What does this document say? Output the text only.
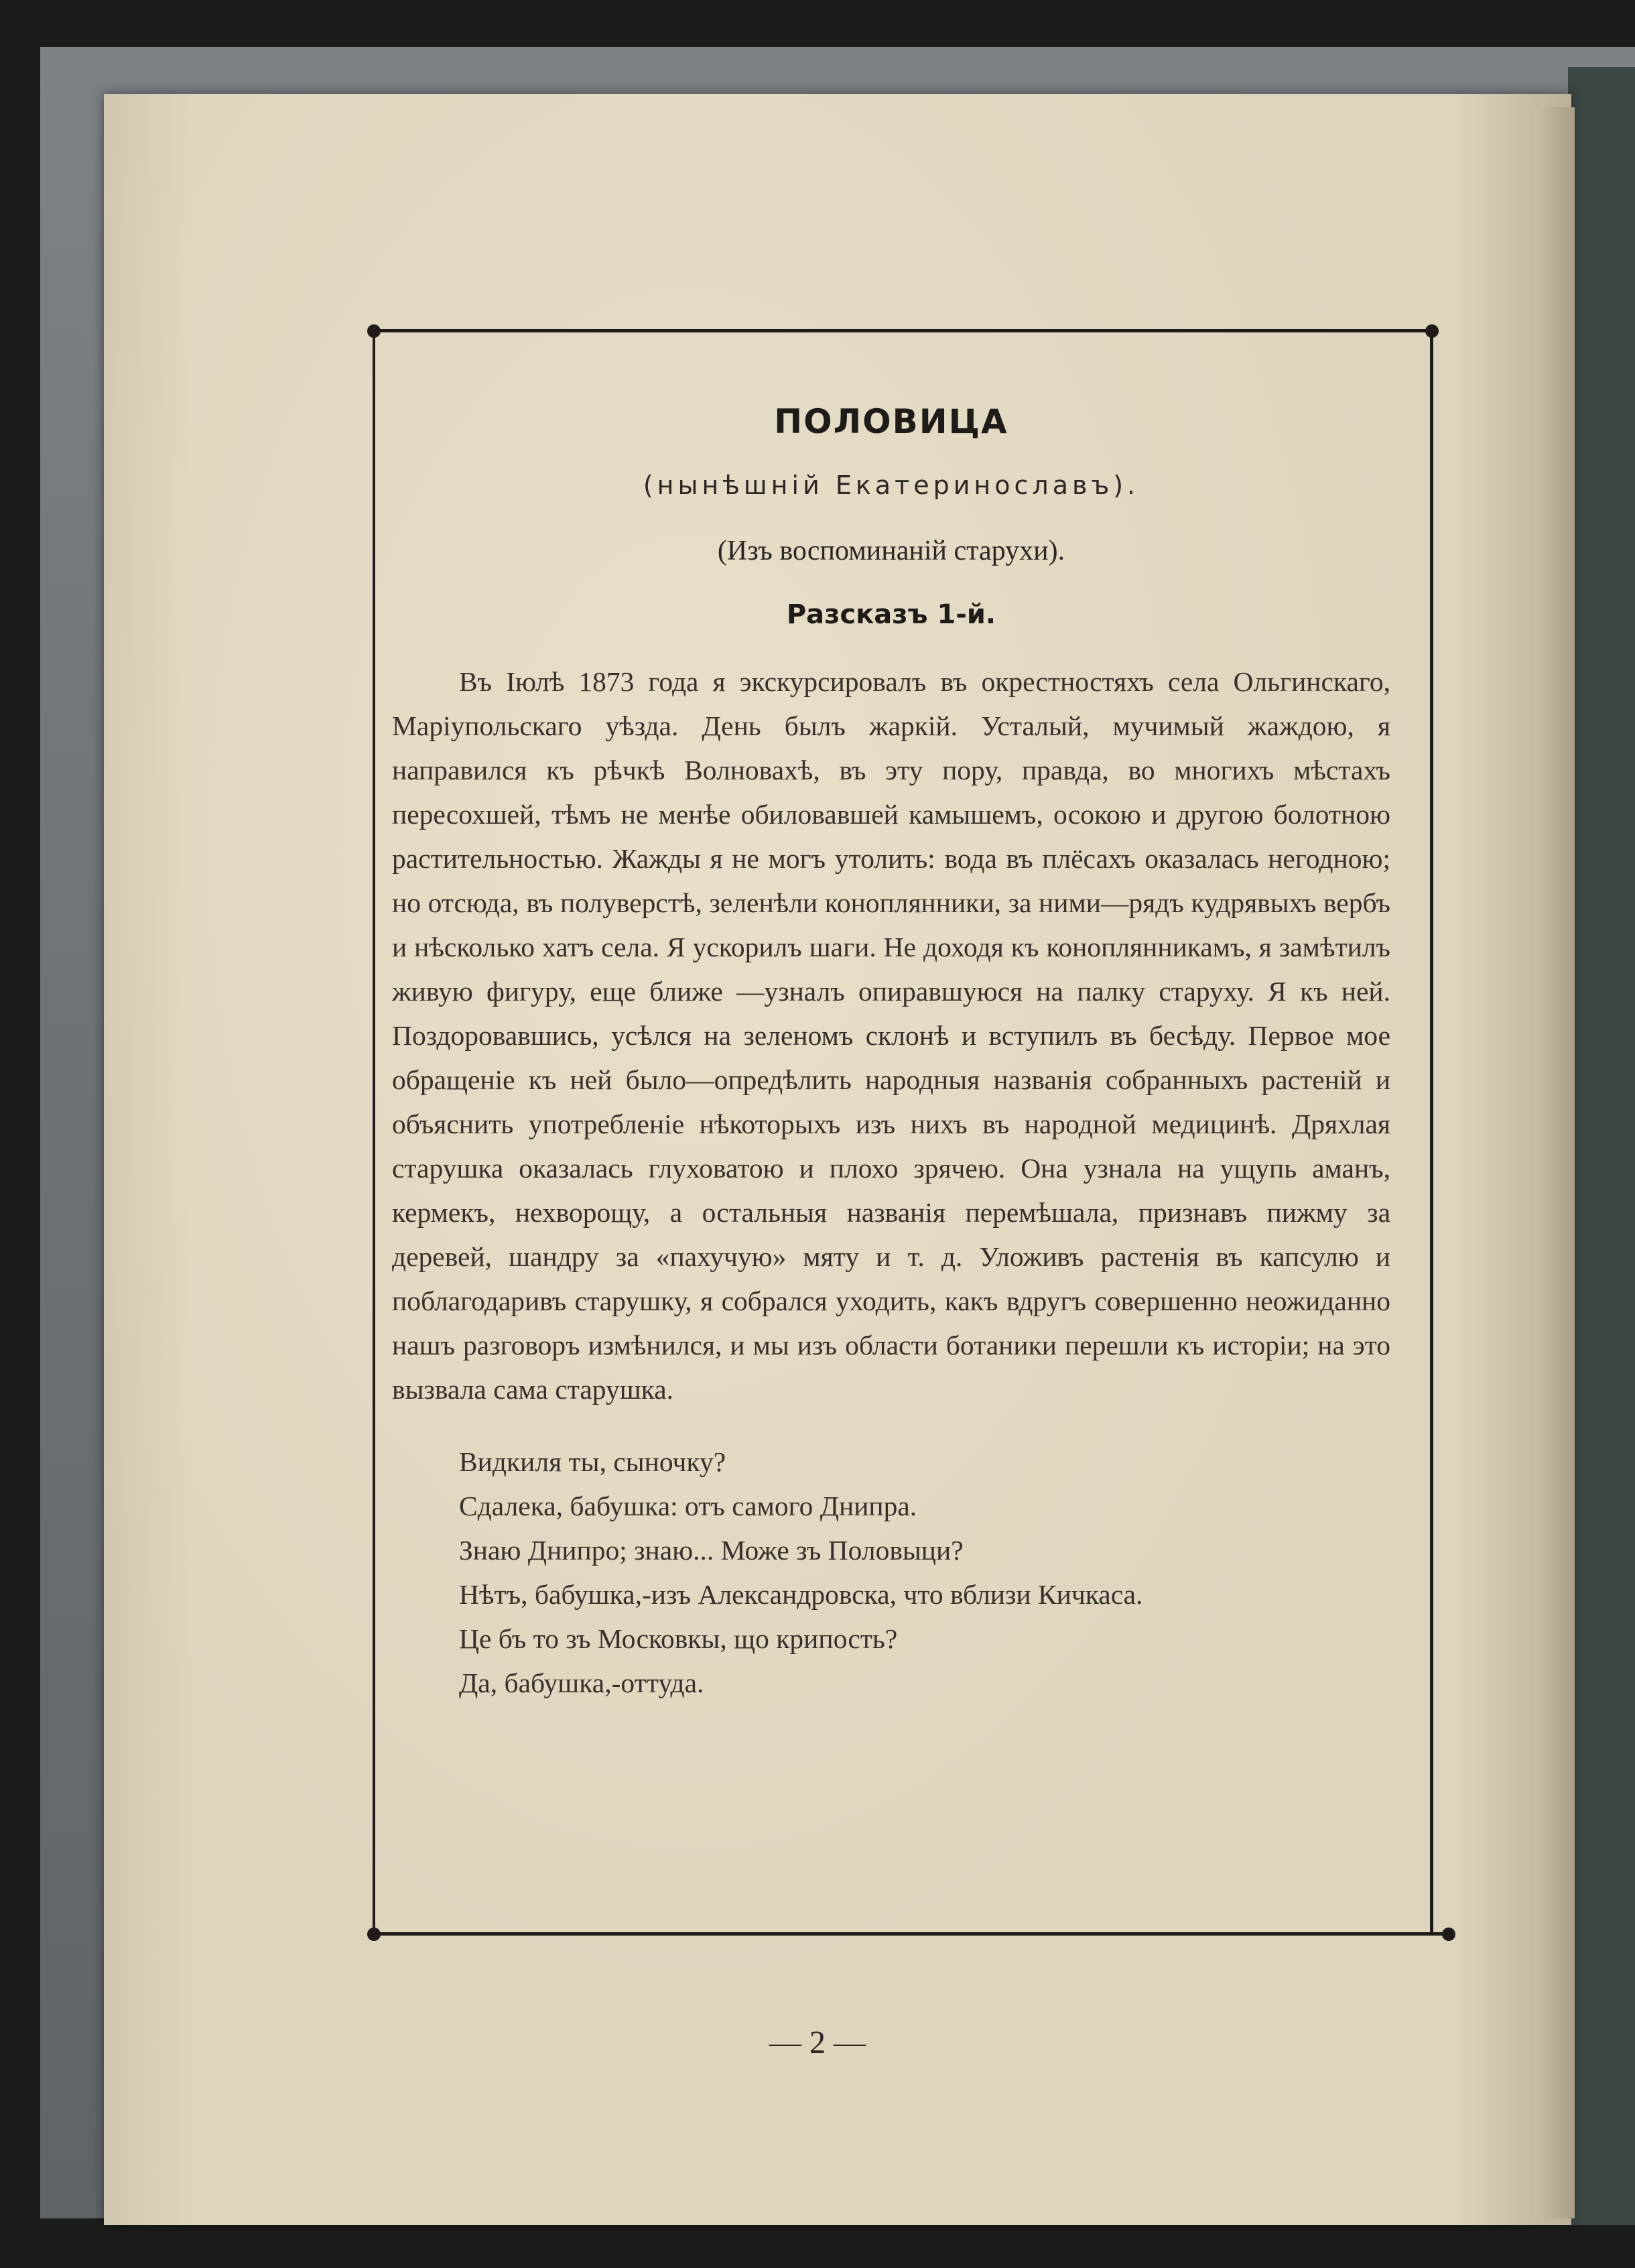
ПОЛОВИЦА

(нынѣшній Екатеринославъ).

(Изъ воспоминаній старухи).

Разсказъ 1-й.

Въ Іюлѣ 1873 года я экскурсировалъ въ окрестностяхъ села Ольгинскаго, Маріупольскаго уѣзда. День былъ жаркій. Усталый, мучимый жаждою, я направился къ рѣчкѣ Волновахѣ, въ эту пору, правда, во многихъ мѣстахъ пересохшей, тѣмъ не менѣе обиловавшей камышемъ, осокою и другою болотною растительностью. Жажды я не могъ утолить: вода въ плёсахъ оказалась негодною; но отсюда, въ полуверстѣ, зеленѣли коноплянники, за ними—рядъ кудрявыхъ вербъ и нѣсколько хатъ села. Я ускорилъ шаги. Не доходя къ коноплянникамъ, я замѣтилъ живую фигуру, еще ближе —узналъ опиравшуюся на палку старуху. Я къ ней. Поздоровавшись, усѣлся на зеленомъ склонѣ и вступилъ въ бесѣду. Первое мое обращеніе къ ней было—опредѣлить народныя названія собранныхъ растеній и объяснить употребленіе нѣкоторыхъ изъ нихъ въ народной медицинѣ. Дряхлая старушка оказалась глуховатою и плохо зрячею. Она узнала на ущупь аманъ, кермекъ, нехворощу, а остальныя названія перемѣшала, признавъ пижму за деревей, шандру за «пахучую» мяту и т. д. Уложивъ растенія въ капсулю и поблагодаривъ старушку, я собрался уходить, какъ вдругъ совершенно неожиданно нашъ разговоръ измѣнился, и мы изъ области ботаники перешли къ исторіи; на это вызвала сама старушка.

Видкиля ты, сыночку?
Сдалека, бабушка: отъ самого Днипра.
Знаю Днипро; знаю... Може зъ Половыци?
Нѣтъ, бабушка,-изъ Александровска, что вблизи Кичкаса.
Це бъ то зъ Московкы, що крипость?
Да, бабушка,-оттуда.
— 2 —
